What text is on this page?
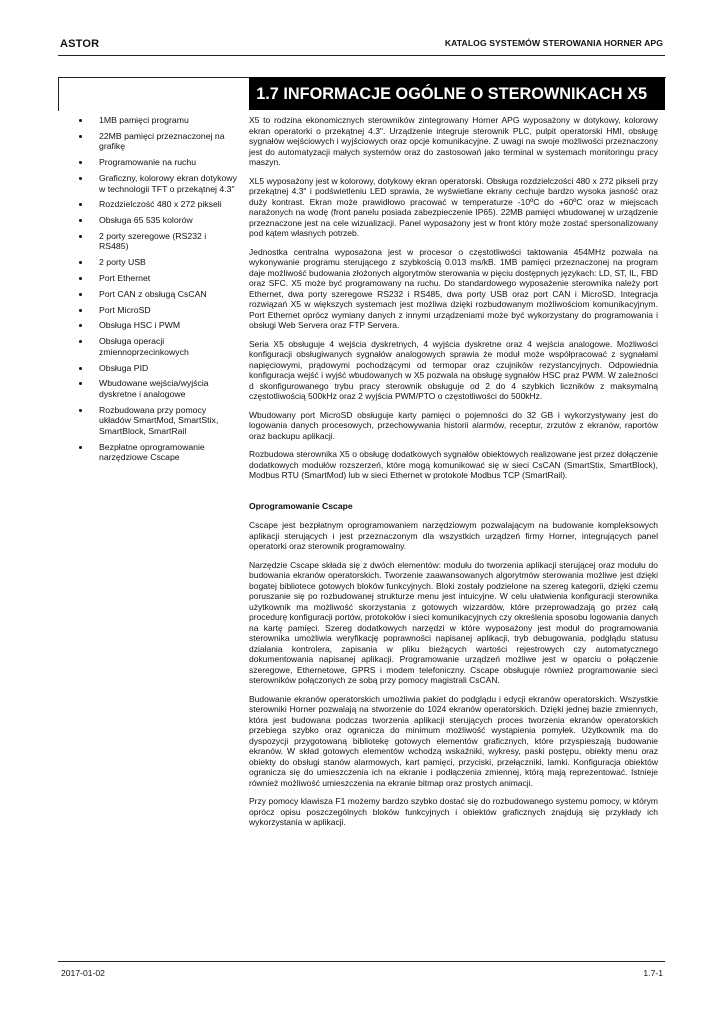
ASTOR	KATALOG SYSTEMÓW STEROWANIA HORNER APG
1.7 INFORMACJE OGÓLNE O STEROWNIKACH X5
1MB pamięci programu
22MB pamięci przeznaczonej na grafikę
Programowanie na ruchu
Graficzny, kolorowy ekran dotykowy w technologii TFT o przekątnej 4.3"
Rozdzielczość 480 x 272 pikseli
Obsługa 65 535 kolorów
2 porty szeregowe (RS232 i RS485)
2 porty USB
Port Ethernet
Port CAN z obsługą CsCAN
Port MicroSD
Obsługa HSC i PWM
Obsługa operacji zmiennoprzecinkowych
Obsługa PID
Wbudowane wejścia/wyjścia dyskretne i analogowe
Rozbudowana przy pomocy układów SmartMod, SmartStix, SmartBlock, SmartRail
Bezpłatne oprogramowanie narzędziowe Cscape

X5 to rodzina ekonomicznych sterowników zintegrowany Horner APG wyposażony w dotykowy, kolorowy ekran operatorki o przekątnej 4.3". Urządzenie integruje sterownik PLC, pulpit operatorski HMI, obsługę sygnałów wejściowych i wyjściowych oraz opcje komunikacyjne. Z uwagi na swoje możliwości przeznaczony jest do automatyzacji małych systemów oraz do zastosowań jako terminal w systemach monitoringu pracy maszyn.

XL5 wyposażony jest w kolorowy, dotykowy ekran operatorski. Obsługa rozdzielczości 480 x 272 pikseli przy przekątnej 4.3" i podświetleniu LED sprawia, że wyświetlane ekrany cechuje bardzo wysoka jasność oraz duży kontrast. Ekran może prawidłowo pracować w temperaturze -10ºC do +60ºC oraz w miejscach narażonych na wodę (front panelu posiada zabezpieczenie IP65). 22MB pamięci wbudowanej w urządzenie przeznaczone jest na cele wizualizacji. Panel wyposażony jest w front który może zostać spersonalizowany pod kątem własnych potrzeb.

Jednostka centralna wyposażona jest w procesor o częstotliwości taktowania 454MHz pozwala na wykonywanie programu sterującego z szybkością 0.013 ms/kB. 1MB pamięci przeznaczonej na program daje możliwość budowania złożonych algorytmów sterowania w pięciu dostępnych językach: LD, ST, IL, FBD oraz SFC. X5 może być programowany na ruchu. Do standardowego wyposażenie sterownika należy port Ethernet, dwa porty szeregowe RS232 i RS485, dwa porty USB oraz port CAN i MicroSD. Integracja rozwiązań X5 w większych systemach jest możliwa dzięki rozbudowanym możliwościom komunikacyjnym. Port Ethernet oprócz wymiany danych z innymi urządzeniami może być wykorzystany do programowania i obsługi Web Servera oraz FTP Servera.

Seria X5 obsługuje 4 wejścia dyskretnych, 4 wyjścia dyskretne oraz 4 wejścia analogowe. Możliwości konfiguracji obsługiwanych sygnałów analogowych sprawia że moduł może współpracować z sygnałami napięciowymi, prądowymi pochodzącymi od termopar oraz czujników rezystancyjnych. Odpowiednia konfiguracja wejść i wyjść wbudowanych w X5 pozwala na obsługę sygnałów HSC praz PWM. W zależności d skonfigurowanego trybu pracy sterownik obsługuje od 2 do 4 szybkich liczników z maksymalną częstotliwością 500kHz oraz 2 wyjścia PWM/PTO o częstotliwości do 500kHz.

Wbudowany port MicroSD obsługuje karty pamięci o pojemności do 32 GB i wykorzystywany jest do logowania danych procesowych, przechowywania historii alarmów, receptur, zrzutów z ekranów, raportów oraz backupu aplikacji.

Rozbudowa sterownika X5 o obsługę dodatkowych sygnałów obiektowych realizowane jest przez dołączenie dodatkowych modułów rozszerzeń, które mogą komunikować się w sieci CsCAN (SmartStix, SmartBlock), Modbus RTU (SmartMod) lub w sieci Ethernet w protokole Modbus TCP (SmartRail).

Oprogramowanie Cscape

Cscape jest bezpłatnym oprogramowaniem narzędziowym pozwalającym na budowanie kompleksowych aplikacji sterujących i jest przeznaczonym dla wszystkich urządzeń firmy Horner, integrujących panel operatorki oraz sterownik programowalny.

Narzędzie Cscape składa się z dwóch elementów: modułu do tworzenia aplikacji sterującej oraz modułu do budowania ekranów operatorskich. Tworzenie zaawansowanych algorytmów sterowania możliwe jest dzięki bogatej bibliotece gotowych bloków funkcyjnych. Bloki zostały podzielone na szereg kategorii, dzięki czemu poruszanie się po rozbudowanej strukturze menu jest intuicyjne. W celu ułatwienia konfiguracji sterownika użytkownik ma możliwość skorzystania z gotowych wizzardów, które przeprowadzają go przez całą procedurę konfiguracji portów, protokołów i sieci komunikacyjnych czy określenia sposobu logowania danych na kartę pamięci. Szereg dodatkowych narzędzi w które wyposażony jest moduł do programowania sterownika umożliwia weryfikację poprawności napisanej aplikacji, tryb debugowania, podglądu statusu działania kontrolera, zapisania w pliku bieżących wartości rejestrowych czy automatycznego dokumentowania napisanej aplikacji. Programowanie urządzeń możliwe jest w oparciu o połączenie szeregowe, Ethernetowe, GPRS i modem telefoniczny. Cscape obsługuje również programowanie sieci sterowników połączonych ze sobą przy pomocy magistrali CsCAN.

Budowanie ekranów operatorskich umożliwia pakiet do podglądu i edycji ekranów operatorskich. Wszystkie sterowniki Horner pozwalają na stworzenie do 1024 ekranów operatorskich. Dzięki jednej bazie zmiennych, która jest budowana podczas tworzenia aplikacji sterujących proces tworzenia ekranów operatorskich przebiega szybko oraz ogranicza do minimum możliwość wystąpienia pomyłek. Użytkownik ma do dyspozycji przygotowaną bibliotekę gotowych elementów graficznych, które przyspieszają budowanie ekranów. W skład gotowych elementów wchodzą wskaźniki, wykresy, paski postępu, obiekty menu oraz obiekty do obsługi stanów alarmowych, kart pamięci, przyciski, przełączniki, lamki. Konfiguracja obiektów ogranicza się do umieszczenia ich na ekranie i podłączenia zmiennej, którą mają reprezentować. Istnieje również możliwość umieszczenia na ekranie bitmap oraz prostych animacji.

Przy pomocy klawisza F1 możemy bardzo szybko dostać się do rozbudowanego systemu pomocy, w którym oprócz opisu poszczególnych bloków funkcyjnych i obiektów graficznych znajdują się przykłady ich wykorzystania w aplikacji.

2017-01-02	1.7-1
